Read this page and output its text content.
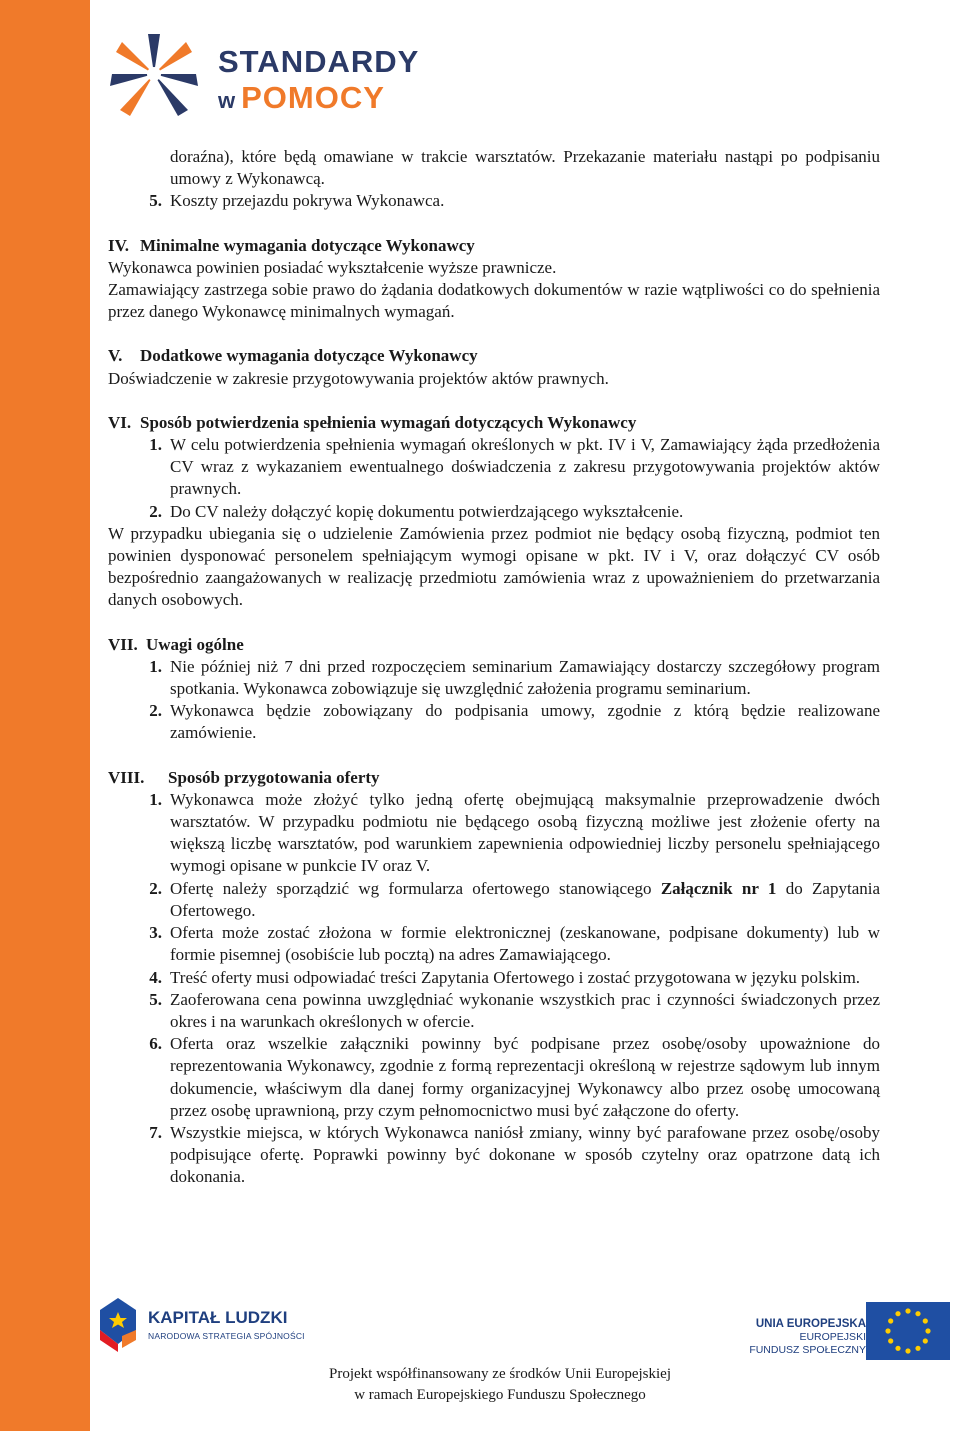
STANDARDY
w POMOCY

doraźna), które będą omawiane w trakcie warsztatów. Przekazanie materiału nastąpi po podpisaniu umowy z Wykonawcą.

5. Koszty przejazdu pokrywa Wykonawca.
IV. Minimalne wymagania dotyczące Wykonawcy

Wykonawca powinien posiadać wykształcenie wyższe prawnicze.

Zamawiający zastrzega sobie prawo do żądania dodatkowych dokumentów w razie wątpliwości co do spełnienia przez danego Wykonawcę minimalnych wymagań.

V.	Dodatkowe wymagania dotyczące Wykonawcy

Doświadczenie w zakresie przygotowywania projektów aktów prawnych.

VI. Sposób potwierdzenia spełnienia wymagań dotyczących Wykonawcy
1. W celu potwierdzenia spełnienia wymagań określonych w pkt. IV i V, Zamawiający żąda przedłożenia CV wraz z wykazaniem ewentualnego doświadczenia z zakresu przygotowywania projektów aktów prawnych.
2. Do CV należy dołączyć kopię dokumentu potwierdzającego wykształcenie.

W przypadku ubiegania się o udzielenie Zamówienia przez podmiot nie będący osobą fizyczną, podmiot ten powinien dysponować personelem spełniającym wymogi opisane w pkt. IV i V, oraz dołączyć CV osób bezpośrednio zaangażowanych w realizację przedmiotu zamówienia wraz z upoważnieniem do przetwarzania danych osobowych.

VII. Uwagi ogólne
1. Nie później niż 7 dni przed rozpoczęciem seminarium Zamawiający dostarczy szczegółowy program spotkania. Wykonawca zobowiązuje się uwzględnić założenia programu seminarium.
2. Wykonawca będzie zobowiązany do podpisania umowy, zgodnie z którą będzie realizowane zamówienie.
VIII.	Sposób przygotowania oferty
1. Wykonawca może złożyć tylko jedną ofertę obejmującą maksymalnie przeprowadzenie dwóch warsztatów. W przypadku podmiotu nie będącego osobą fizyczną możliwe jest złożenie oferty na większą liczbę warsztatów, pod warunkiem zapewnienia odpowiedniej liczby personelu spełniającego wymogi opisane w punkcie IV oraz V.
2. Ofertę należy sporządzić wg formularza ofertowego stanowiącego Załącznik nr 1 do Zapytania Ofertowego.
3. Oferta może zostać złożona w formie elektronicznej (zeskanowane, podpisane dokumenty) lub w formie pisemnej (osobiście lub pocztą) na adres Zamawiającego.
4. Treść oferty musi odpowiadać treści Zapytania Ofertowego i zostać przygotowana w języku polskim.
5. Zaoferowana cena powinna uwzględniać wykonanie wszystkich prac i czynności świadczonych przez okres i na warunkach określonych w ofercie.
6. Oferta oraz wszelkie załączniki powinny być podpisane przez osobę/osoby upoważnione do reprezentowania Wykonawcy, zgodnie z formą reprezentacji określoną w rejestrze sądowym lub innym dokumencie, właściwym dla danej formy organizacyjnej Wykonawcy albo przez osobę umocowaną przez osobę uprawnioną, przy czym pełnomocnictwo musi być załączone do oferty.
7. Wszystkie miejsca, w których Wykonawca naniósł zmiany, winny być parafowane przez osobę/osoby podpisujące ofertę. Poprawki powinny być dokonane w sposób czytelny oraz opatrzone datą ich dokonania.
KAPITAŁ LUDZKI
NARODOWA STRATEGIA SPÓJNOŚCI
UNIA EUROPEJSKA
EUROPEJSKI
FUNDUSZ SPOŁECZNY
Projekt współfinansowany ze środków Unii Europejskiej
w ramach Europejskiego Funduszu Społecznego
